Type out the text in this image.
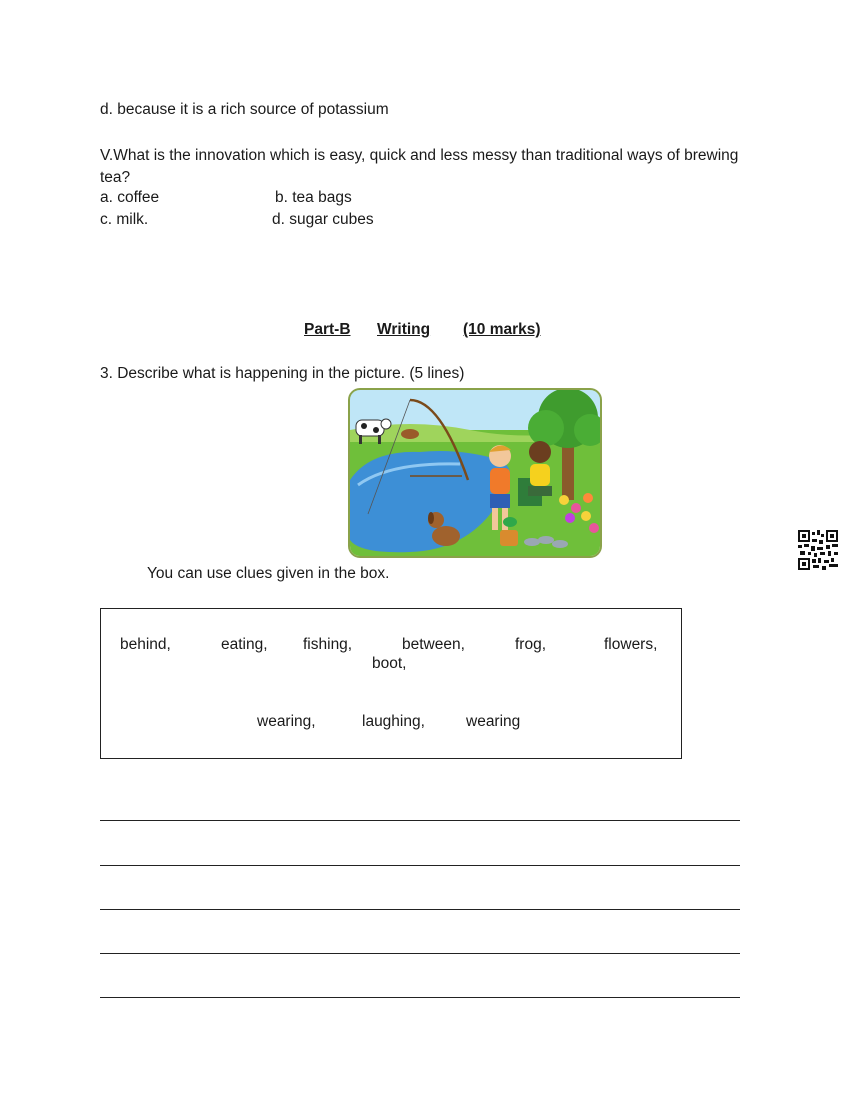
d. because it is a rich source of potassium
V.What is the innovation which is easy, quick and less messy than traditional ways of brewing tea?
a. coffee	b. tea bags
c. milk.	d. sugar cubes
Part-B Writing (10 marks)
3. Describe what is happening in the picture. (5 lines)
You can use clues given in the box.
behind,	eating, fishing,	between,	frog,	flowers,
boot,
wearing,	laughing,	wearing
